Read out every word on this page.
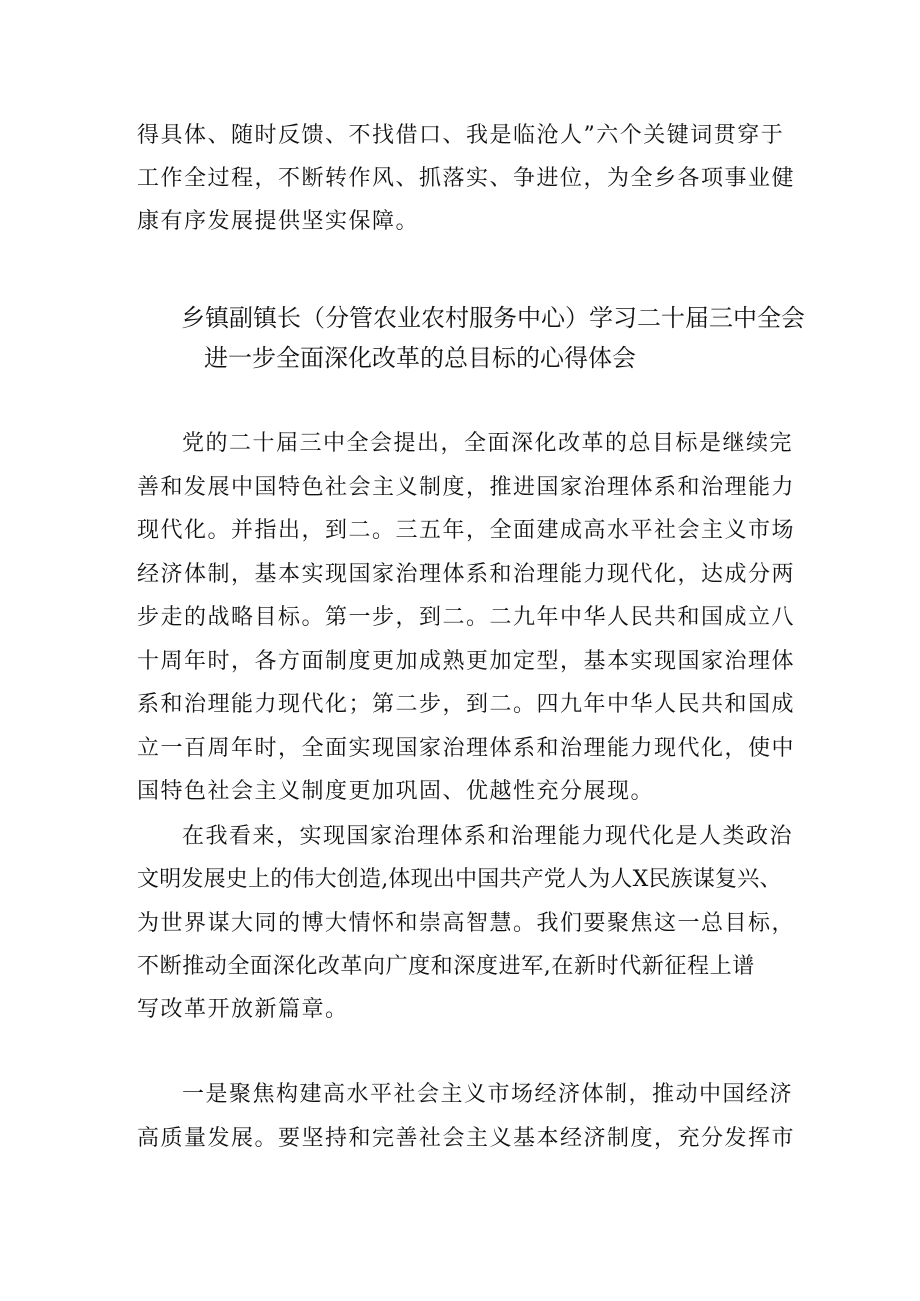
得具体、随时反馈、不找借口、我是临沧人”六个关键词贯穿于
工作全过程，不断转作风、抓落实、争进位，为全乡各项事业健
康有序发展提供坚实保障。
乡镇副镇长（分管农业农村服务中心）学习二十届三中全会
进一步全面深化改革的总目标的心得体会
党的二十届三中全会提出，全面深化改革的总目标是继续完
善和发展中国特色社会主义制度，推进国家治理体系和治理能力
现代化。并指出，到二。三五年，全面建成高水平社会主义市场
经济体制，基本实现国家治理体系和治理能力现代化，达成分两
步走的战略目标。第一步，到二。二九年中华人民共和国成立八
十周年时，各方面制度更加成熟更加定型，基本实现国家治理体
系和治理能力现代化；第二步，到二。四九年中华人民共和国成
立一百周年时，全面实现国家治理体系和治理能力现代化，使中
国特色社会主义制度更加巩固、优越性充分展现。
在我看来，实现国家治理体系和治理能力现代化是人类政治
文明发展史上的伟大创造,体现出中国共产党人为人X民族谋复兴、
为世界谋大同的博大情怀和崇高智慧。我们要聚焦这一总目标，
不断推动全面深化改革向广度和深度进军,在新时代新征程上谱
写改革开放新篇章。
一是聚焦构建高水平社会主义市场经济体制，推动中国经济
高质量发展。要坚持和完善社会主义基本经济制度，充分发挥市
